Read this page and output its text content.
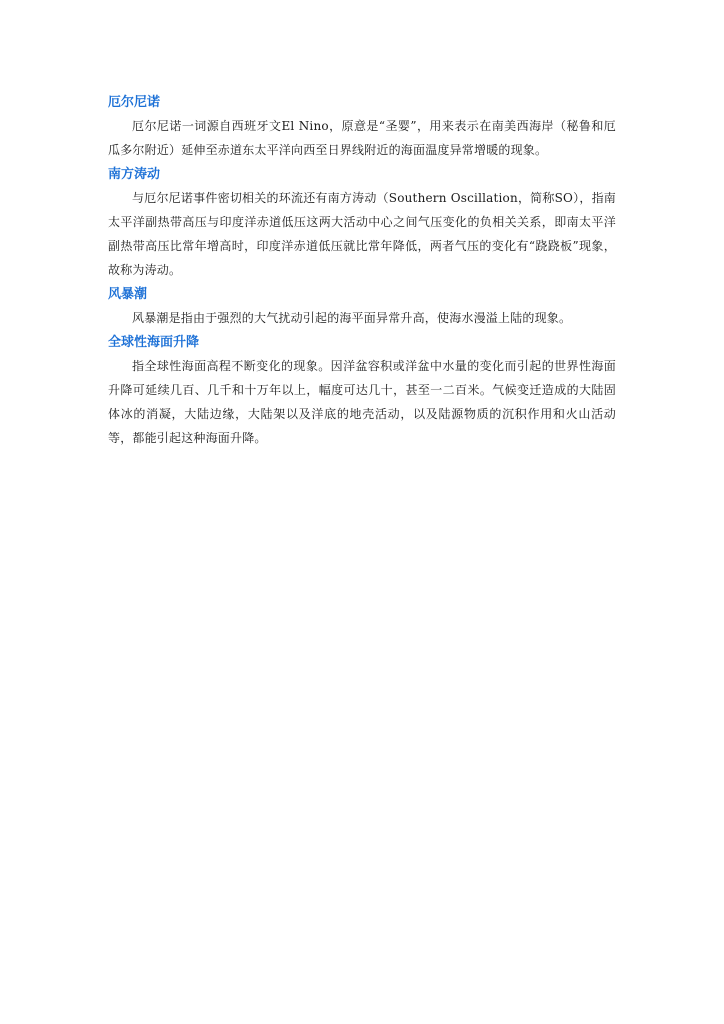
厄尔尼诺

厄尔尼诺一词源自西班牙文El Nino，原意是“圣婴”，用来表示在南美西海岸（秘鲁和厄瓜多尔附近）延伸至赤道东太平洋向西至日界线附近的海面温度异常增暖的现象。

南方涛动

与厄尔尼诺事件密切相关的环流还有南方涛动（Southern Oscillation，简称SO），指南太平洋副热带高压与印度洋赤道低压这两大活动中心之间气压变化的负相关关系，即南太平洋副热带高压比常年增高时，印度洋赤道低压就比常年降低，两者气压的变化有“跷跷板”现象，故称为涛动。

风暴潮

风暴潮是指由于强烈的大气扰动引起的海平面异常升高，使海水漫溢上陆的现象。

全球性海面升降

指全球性海面高程不断变化的现象。因洋盆容积或洋盆中水量的变化而引起的世界性海面升降可延续几百、几千和十万年以上，幅度可达几十，甚至一二百米。气候变迁造成的大陆固体冰的消凝，大陆边缘，大陆架以及洋底的地壳活动，以及陆源物质的沉积作用和火山活动等，都能引起这种海面升降。
